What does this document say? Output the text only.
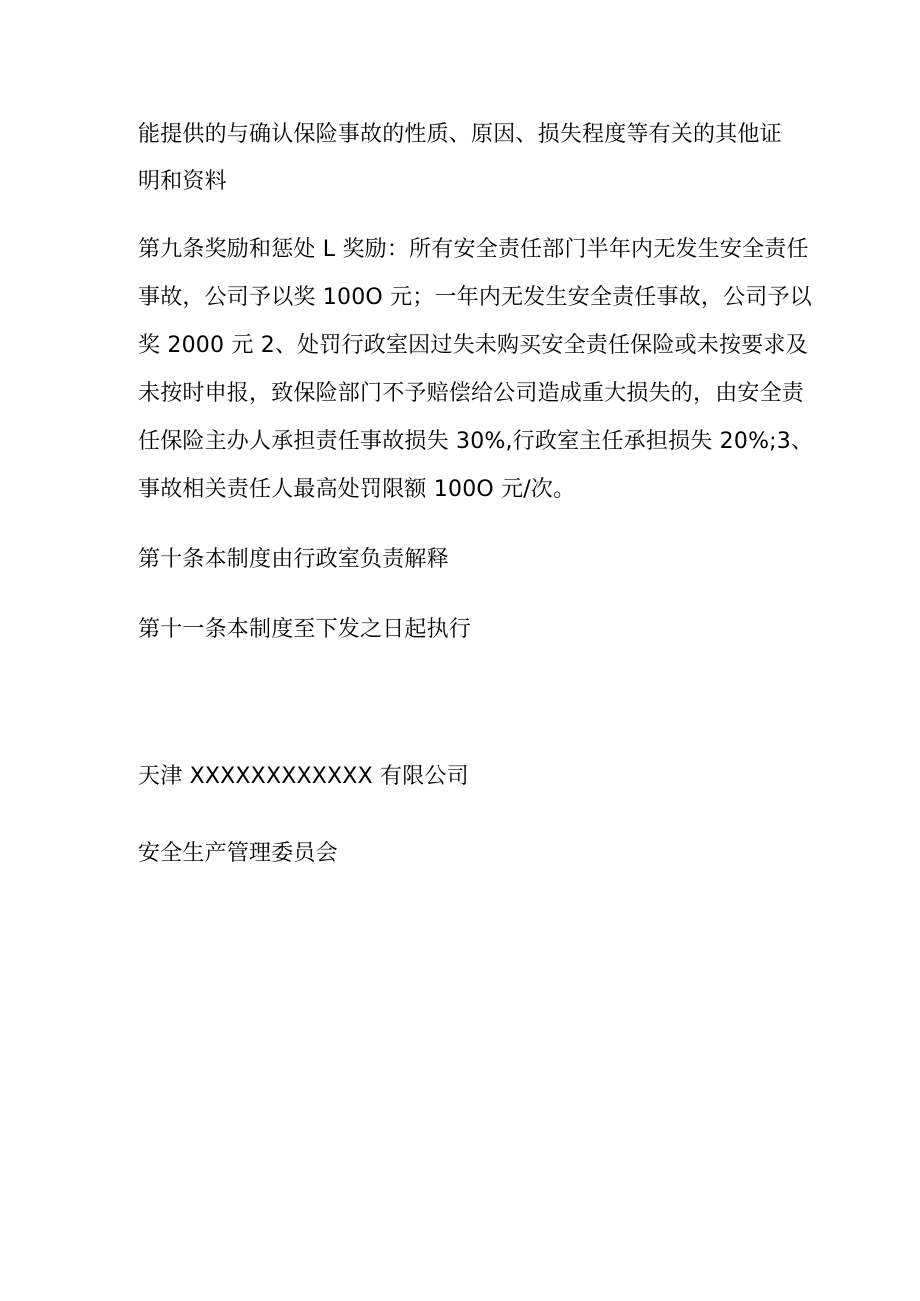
能提供的与确认保险事故的性质、原因、损失程度等有关的其他证
明和资料
第九条奖励和惩处 L 奖励：所有安全责任部门半年内无发生安全责任
事故，公司予以奖 100O 元；一年内无发生安全责任事故，公司予以
奖 2000 元 2、处罚行政室因过失未购买安全责任保险或未按要求及
未按时申报，致保险部门不予赔偿给公司造成重大损失的，由安全责
任保险主办人承担责任事故损失 30%,行政室主任承担损失 20%;3、
事故相关责任人最高处罚限额 100O 元/次。
第十条本制度由行政室负责解释
第十一条本制度至下发之日起执行
天津 XXXXXXXXXXXX 有限公司
安全生产管理委员会
